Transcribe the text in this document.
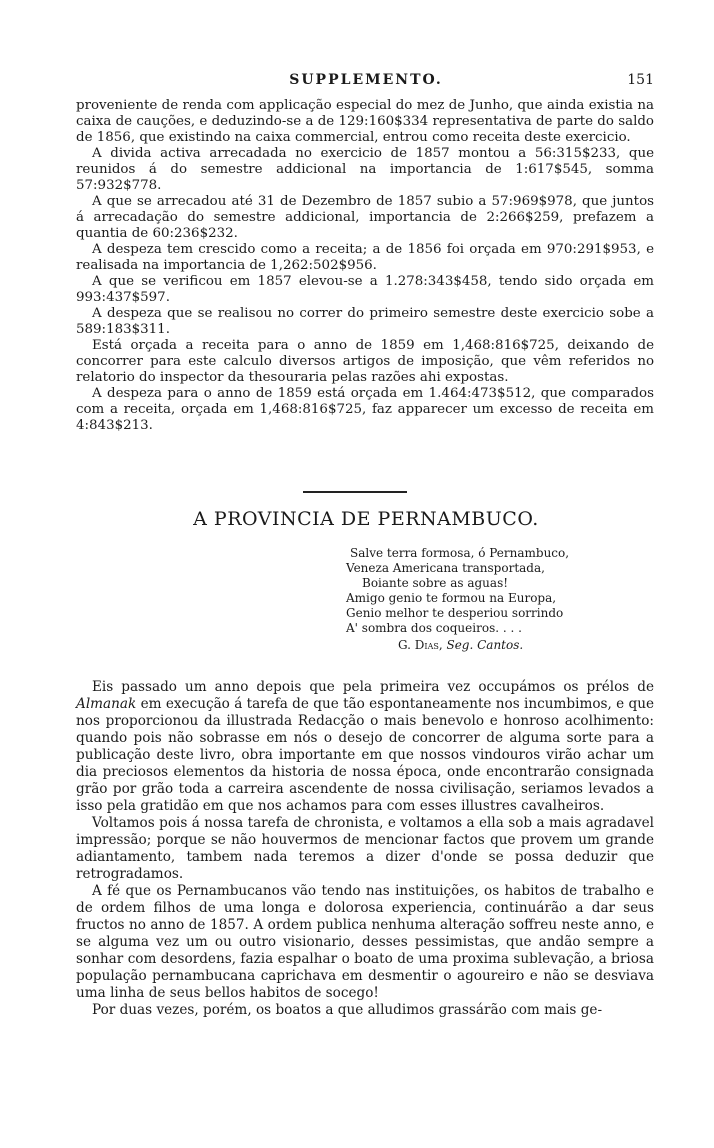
SUPPLEMENTO.	151

proveniente de renda com applicação especial do mez de Junho, que ainda existia na caixa de cauções, e deduzindo-se a de 129:160$334 representativa de parte do saldo de 1856, que existindo na caixa commercial, entrou como receita deste exercicio.

A divida activa arrecadada no exercicio de 1857 montou a 56:315$233, que reunidos á do semestre addicional na importancia de 1:617$545, somma 57:932$778.

A que se arrecadou até 31 de Dezembro de 1857 subio a 57:969$978, que juntos á arrecadação do semestre addicional, importancia de 2:266$259, prefazem a quantia de 60:236$232.

A despeza tem crescido como a receita; a de 1856 foi orçada em 970:291$953, e realisada na importancia de 1,262:502$956.

A que se verificou em 1857 elevou-se a 1.278:343$458, tendo sido orçada em 993:437$597.

A despeza que se realisou no correr do primeiro semestre deste exercicio sobe a 589:183$311.

Está orçada a receita para o anno de 1859 em 1,468:816$725, deixando de concorrer para este calculo diversos artigos de imposição, que vêm referidos no relatorio do inspector da thesouraria pelas razões ahi expostas.

A despeza para o anno de 1859 está orçada em 1.464:473$512, que comparados com a receita, orçada em 1,468:816$725, faz apparecer um excesso de receita em 4:843$213.

A PROVINCIA DE PERNAMBUCO.
Salve terra formosa, ó Pernambuco,
Veneza Americana transportada,
Boiante sobre as aguas!
Amigo genio te formou na Europa,
Genio melhor te desperiou sorrindo
A' sombra dos coqueiros. . . .
G. Dias, Seg. Cantos.

Eis passado um anno depois que pela primeira vez occupámos os prélos de Almanak em execução á tarefa de que tão espontaneamente nos incumbimos, e que nos proporcionou da illustrada Redacção o mais benevolo e honroso acolhimento: quando pois não sobrasse em nós o desejo de concorrer de alguma sorte para a publicação deste livro, obra importante em que nossos vindouros virão achar um dia preciosos elementos da historia de nossa época, onde encontrarão consignada grão por grão toda a carreira ascendente de nossa civilisação, seriamos levados a isso pela gratidão em que nos achamos para com esses illustres cavalheiros.

Voltamos pois á nossa tarefa de chronista, e voltamos a ella sob a mais agradavel impressão; porque se não houvermos de mencionar factos que provem um grande adiantamento, tambem nada teremos a dizer d'onde se possa deduzir que retrogradamos.

A fé que os Pernambucanos vão tendo nas instituições, os habitos de trabalho e de ordem filhos de uma longa e dolorosa experiencia, continuárão a dar seus fructos no anno de 1857. A ordem publica nenhuma alteração soffreu neste anno, e se alguma vez um ou outro visionario, desses pessimistas, que andão sempre a sonhar com desordens, fazia espalhar o boato de uma proxima sublevação, a briosa população pernambucana caprichava em desmentir o agoureiro e não se desviava uma linha de seus bellos habitos de socego!

Por duas vezes, porém, os boatos a que alludimos grassárão com mais ge-
